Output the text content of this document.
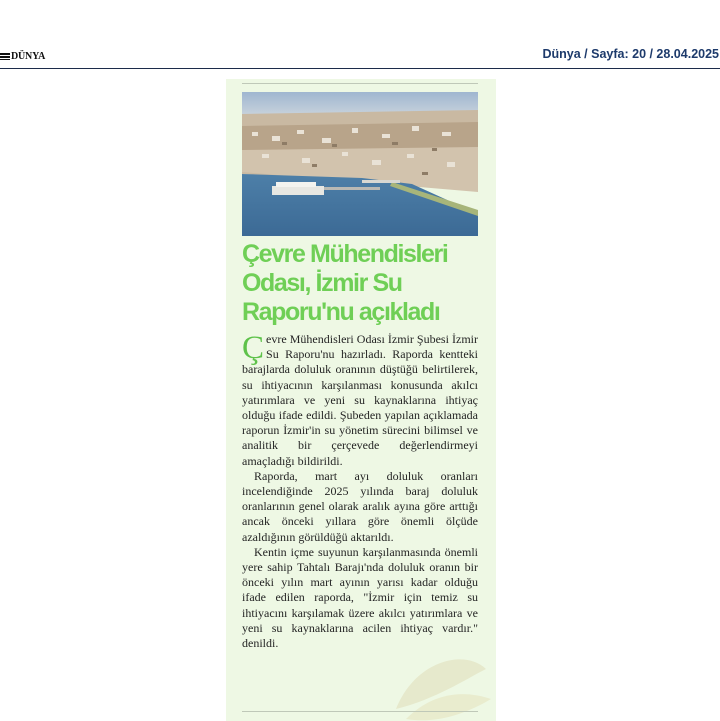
DÜNYA	Dünya / Sayfa: 20 / 28.04.2025
Çevre Mühendisleri Odası, İzmir Su Raporu'nu açıkladı

Çevre Mühendisleri Odası İzmir Şubesi İzmir Su Raporu'nu hazırladı. Raporda kentteki barajlarda doluluk oranının düştüğü belirtilerek, su ihtiyacının karşılanması konusunda akılcı yatırımlara ve yeni su kaynaklarına ihtiyaç olduğu ifade edildi. Şubeden yapılan açıklamada raporun İzmir'in su yönetim sürecini bilimsel ve analitik bir çerçevede değerlendirmeyi amaçladığı bildirildi.

Raporda, mart ayı doluluk oranları incelendiğinde 2025 yılında baraj doluluk oranlarının genel olarak aralık ayına göre arttığı ancak önceki yıllara göre önemli ölçüde azaldığının görüldüğü aktarıldı.

Kentin içme suyunun karşılanmasında önemli yere sahip Tahtalı Barajı'nda doluluk oranın bir önceki yılın mart ayının yarısı kadar olduğu ifade edilen raporda, "İzmir için temiz su ihtiyacını karşılamak üzere akılcı yatırımlara ve yeni su kaynaklarına acilen ihtiyaç vardır." denildi.
